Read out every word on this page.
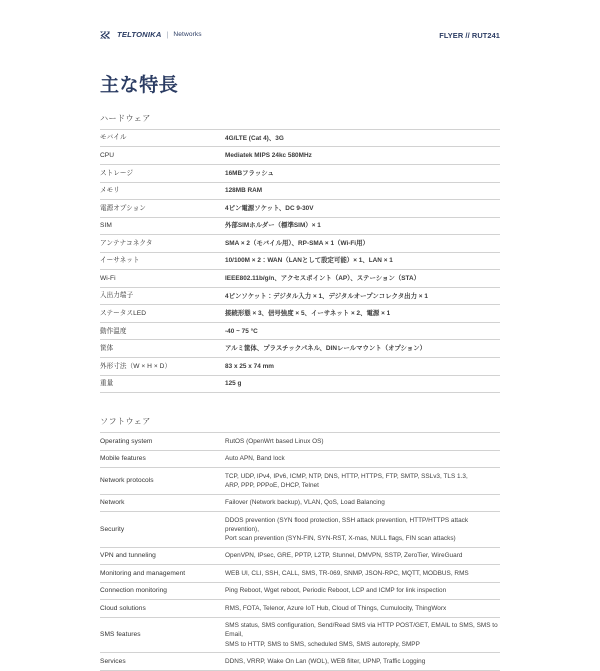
TELTONIKA | Networks	FLYER // RUT241
主な特長
ハードウェア
モバイル	4G/LTE (Cat 4)、3G

CPU	Mediatek MIPS 24kc 580MHz

ストレージ	16MBフラッシュ

メモリ	128MB RAM

電源オプション	4ピン電源ソケット、DC 9-30V

SIM	外部SIMホルダー（標準SIM）× 1

アンテナコネクタ	SMA × 2（モバイル用）、RP-SMA × 1（Wi-Fi用）

イーサネット	10/100M × 2：WAN（LANとして設定可能）× 1、LAN × 1

Wi-Fi	IEEE802.11b/g/n、アクセスポイント（AP）、ステーション（STA）

入出力端子	4ピンソケット：デジタル入力 × 1、デジタルオープンコレクタ出力 × 1

ステータスLED	接続形態 × 3、信号強度 × 5、イーサネット × 2、電源 × 1

動作温度	-40 ~ 75 °C

筐体	アルミ筐体、プラスチックパネル、DINレールマウント（オプション）

外形寸法（W × H × D）	83 x 25 x 74 mm

重量	125 g
ソフトウェア
Operating system	RutOS (OpenWrt based Linux OS)

Mobile features	Auto APN, Band lock

Network protocols	TCP, UDP, IPv4, IPv6, ICMP, NTP, DNS, HTTP, HTTPS, FTP, SMTP, SSLv3, TLS 1.3,
ARP, PPP, PPPoE, DHCP, Telnet

Network	Failover (Network backup), VLAN, QoS, Load Balancing

Security	DDOS prevention (SYN flood protection, SSH attack prevention, HTTP/HTTPS attack prevention),
Port scan prevention (SYN-FIN, SYN-RST, X-mas, NULL flags, FIN scan attacks)

VPN and tunneling	OpenVPN, IPsec, GRE, PPTP, L2TP, Stunnel, DMVPN, SSTP, ZeroTier, WireGuard

Monitoring and management	WEB UI, CLI, SSH, CALL, SMS, TR-069, SNMP, JSON-RPC, MQTT, MODBUS, RMS

Connection monitoring	Ping Reboot, Wget reboot, Periodic Reboot, LCP and ICMP for link inspection

Cloud solutions	RMS, FOTA, Telenor, Azure IoT Hub, Cloud of Things, Cumulocity, ThingWorx

SMS features	SMS status, SMS configuration, Send/Read SMS via HTTP POST/GET, EMAIL to SMS, SMS to Email,
SMS to HTTP, SMS to SMS, scheduled SMS, SMS autoreply, SMPP

Services	DDNS, VRRP, Wake On Lan (WOL), WEB filter, UPNP, Traffic Logging
